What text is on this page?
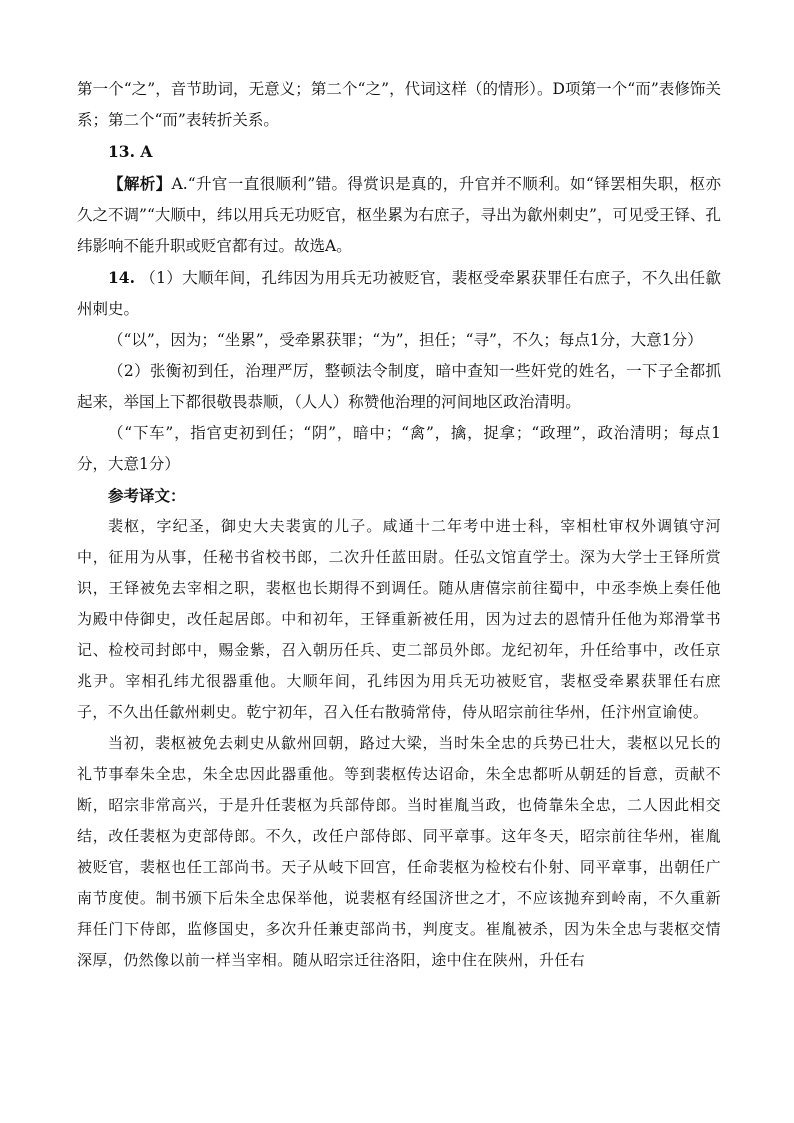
第一个“之”，音节助词，无意义；第二个“之”，代词这样（的情形）。D项第一个“而”表修饰关系；第二个“而”表转折关系。

13. A

【解析】A.“升官一直很顺利”错。得赏识是真的，升官并不顺利。如“铎罢相失职，枢亦久之不调”“大顺中，纬以用兵无功贬官，枢坐累为右庶子，寻出为歙州刺史”，可见受王铎、孔纬影响不能升职或贬官都有过。故选A。

14. （1）大顺年间，孔纬因为用兵无功被贬官，裴枢受牵累获罪任右庶子，不久出任歙州刺史。

（“以”，因为；“坐累”，受牵累获罪；“为”，担任；“寻”，不久；每点1分，大意1分）

（2）张衡初到任，治理严厉，整顿法令制度，暗中查知一些奸党的姓名，一下子全都抓起来，举国上下都很敬畏恭顺，（人人）称赞他治理的河间地区政治清明。

（“下车”，指官吏初到任；“阴”，暗中；“禽”，擒，捉拿；“政理”，政治清明；每点1分，大意1分）

参考译文：

裴枢，字纪圣，御史大夫裴寅的儿子。咸通十二年考中进士科，宰相杜审权外调镇守河中，征用为从事，任秘书省校书郎，二次升任蓝田尉。任弘文馆直学士。深为大学士王铎所赏识，王铎被免去宰相之职，裴枢也长期得不到调任。随从唐僖宗前往蜀中，中丞李焕上奏任他为殿中侍御史，改任起居郎。中和初年，王铎重新被任用，因为过去的恩情升任他为郑滑掌书记、检校司封郎中，赐金紫，召入朝历任兵、吏二部员外郎。龙纪初年，升任给事中，改任京兆尹。宰相孔纬尤很器重他。大顺年间，孔纬因为用兵无功被贬官，裴枢受牵累获罪任右庶子，不久出任歙州刺史。乾宁初年，召入任右散骑常侍，侍从昭宗前往华州，任汴州宣谕使。

当初，裴枢被免去刺史从歙州回朝，路过大梁，当时朱全忠的兵势已壮大，裴枢以兄长的礼节事奉朱全忠，朱全忠因此器重他。等到裴枢传达诏命，朱全忠都听从朝廷的旨意，贡献不断，昭宗非常高兴，于是升任裴枢为兵部侍郎。当时崔胤当政，也倚靠朱全忠，二人因此相交结，改任裴枢为吏部侍郎。不久，改任户部侍郎、同平章事。这年冬天，昭宗前往华州，崔胤被贬官，裴枢也任工部尚书。天子从岐下回宫，任命裴枢为检校右仆射、同平章事，出朝任广南节度使。制书颁下后朱全忠保举他，说裴枢有经国济世之才，不应该抛弃到岭南，不久重新拜任门下侍郎，监修国史，多次升任兼吏部尚书，判度支。崔胤被杀，因为朱全忠与裴枢交情深厚，仍然像以前一样当宰相。随从昭宗迁往洛阳，途中住在陕州，升任右
